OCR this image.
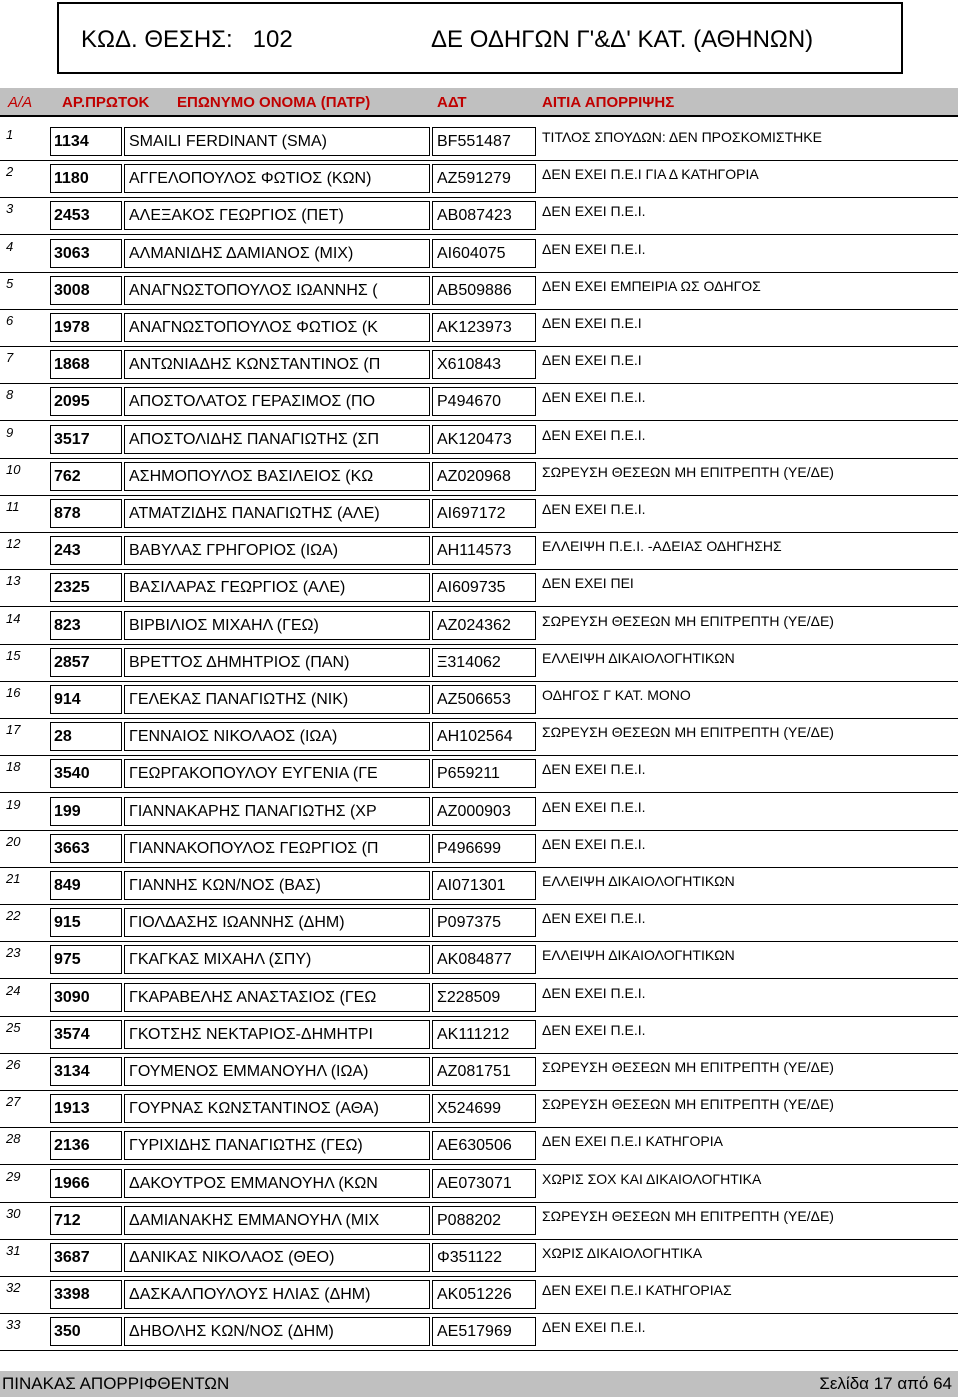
ΚΩΔ. ΘΕΣΗΣ:   102	ΔΕ ΟΔΗΓΩΝ Γ'&Δ' ΚΑΤ. (ΑΘΗΝΩΝ)
Α/Α ΑΡ.ΠΡΩΤΟΚ ΕΠΩΝΥΜΟ ΟΝΟΜΑ (ΠΑΤΡ)	ΑΔΤ	ΑΙΤΙΑ ΑΠΟΡΡΙΨΗΣ
1	1134	SMAILI FERDINANT (SMA)	BF551487	ΤΙΤΛΟΣ ΣΠΟΥΔΩΝ: ΔΕΝ ΠΡΟΣΚΟΜΙΣΤΗΚΕ
2	1180	ΑΓΓΕΛΟΠΟΥΛΟΣ ΦΩΤΙΟΣ (ΚΩΝ)	ΑΖ591279	ΔΕΝ ΕΧΕΙ Π.Ε.Ι ΓΙΑ Δ ΚΑΤΗΓΟΡΙΑ
3	2453	ΑΛΕΞΑΚΟΣ ΓΕΩΡΓΙΟΣ (ΠΕΤ)	ΑΒ087423	ΔΕΝ ΕΧΕΙ Π.Ε.Ι.
4	3063	ΑΛΜΑΝΙΔΗΣ ΔΑΜΙΑΝΟΣ (ΜΙΧ)	ΑΙ604075	ΔΕΝ ΕΧΕΙ Π.Ε.Ι.
5	3008	ΑΝΑΓΝΩΣΤΟΠΟΥΛΟΣ ΙΩΑΝΝΗΣ (	ΑΒ509886	ΔΕΝ ΕΧΕΙ ΕΜΠΕΙΡΙΑ ΩΣ ΟΔΗΓΟΣ
6	1978	ΑΝΑΓΝΩΣΤΟΠΟΥΛΟΣ ΦΩΤΙΟΣ (Κ	ΑΚ123973	ΔΕΝ ΕΧΕΙ Π.Ε.Ι
7	1868	ΑΝΤΩΝΙΑΔΗΣ ΚΩΝΣΤΑΝΤΙΝΟΣ (Π	Χ610843	ΔΕΝ ΕΧΕΙ Π.Ε.Ι
8	2095	ΑΠΟΣΤΟΛΑΤΟΣ ΓΕΡΑΣΙΜΟΣ (ΠΟ	Ρ494670	ΔΕΝ ΕΧΕΙ Π.Ε.Ι.
9	3517	ΑΠΟΣΤΟΛΙΔΗΣ ΠΑΝΑΓΙΩΤΗΣ (ΣΠ	ΑΚ120473	ΔΕΝ ΕΧΕΙ Π.Ε.Ι.
10	762	ΑΣΗΜΟΠΟΥΛΟΣ ΒΑΣΙΛΕΙΟΣ (ΚΩ	ΑΖ020968	ΣΩΡΕΥΣΗ ΘΕΣΕΩΝ ΜΗ ΕΠΙΤΡΕΠΤΗ (ΥΕ/ΔΕ)
11	878	ΑΤΜΑΤΖΙΔΗΣ ΠΑΝΑΓΙΩΤΗΣ (ΑΛΕ)	ΑΙ697172	ΔΕΝ ΕΧΕΙ Π.Ε.Ι.
12	243	ΒΑΒΥΛΑΣ ΓΡΗΓΟΡΙΟΣ (ΙΩΑ)	ΑΗ114573	ΕΛΛΕΙΨΗ Π.Ε.Ι. -ΑΔΕΙΑΣ ΟΔΗΓΗΣΗΣ
13	2325	ΒΑΣΙΛΑΡΑΣ ΓΕΩΡΓΙΟΣ (ΑΛΕ)	ΑΙ609735	ΔΕΝ ΕΧΕΙ ΠΕΙ
14	823	ΒΙΡΒΙΛΙΟΣ ΜΙΧΑΗΛ (ΓΕΩ)	ΑΖ024362	ΣΩΡΕΥΣΗ ΘΕΣΕΩΝ ΜΗ ΕΠΙΤΡΕΠΤΗ (ΥΕ/ΔΕ)
15	2857	ΒΡΕΤΤΟΣ ΔΗΜΗΤΡΙΟΣ (ΠΑΝ)	Ξ314062	ΕΛΛΕΙΨΗ ΔΙΚΑΙΟΛΟΓΗΤΙΚΩΝ
16	914	ΓΕΛΕΚΑΣ ΠΑΝΑΓΙΩΤΗΣ (ΝΙΚ)	ΑΖ506653	ΟΔΗΓΟΣ Γ ΚΑΤ. ΜΟΝΟ
17	28	ΓΕΝΝΑΙΟΣ ΝΙΚΟΛΑΟΣ (ΙΩΑ)	ΑΗ102564	ΣΩΡΕΥΣΗ ΘΕΣΕΩΝ ΜΗ ΕΠΙΤΡΕΠΤΗ (ΥΕ/ΔΕ)
18	3540	ΓΕΩΡΓΑΚΟΠΟΥΛΟΥ ΕΥΓΕΝΙΑ (ΓΕ	Ρ659211	ΔΕΝ ΕΧΕΙ Π.Ε.Ι.
19	199	ΓΙΑΝΝΑΚΑΡΗΣ ΠΑΝΑΓΙΩΤΗΣ (ΧΡ	ΑΖ000903	ΔΕΝ ΕΧΕΙ Π.Ε.Ι.
20	3663	ΓΙΑΝΝΑΚΟΠΟΥΛΟΣ ΓΕΩΡΓΙΟΣ (Π	Ρ496699	ΔΕΝ ΕΧΕΙ Π.Ε.Ι.
21	849	ΓΙΑΝΝΗΣ ΚΩΝ/ΝΟΣ (ΒΑΣ)	ΑΙ071301	ΕΛΛΕΙΨΗ ΔΙΚΑΙΟΛΟΓΗΤΙΚΩΝ
22	915	ΓΙΟΛΔΑΣΗΣ ΙΩΑΝΝΗΣ (ΔΗΜ)	Ρ097375	ΔΕΝ ΕΧΕΙ Π.Ε.Ι.
23	975	ΓΚΑΓΚΑΣ ΜΙΧΑΗΛ (ΣΠΥ)	ΑΚ084877	ΕΛΛΕΙΨΗ ΔΙΚΑΙΟΛΟΓΗΤΙΚΩΝ
24	3090	ΓΚΑΡΑΒΕΛΗΣ ΑΝΑΣΤΑΣΙΟΣ (ΓΕΩ	Σ228509	ΔΕΝ ΕΧΕΙ Π.Ε.Ι.
25	3574	ΓΚΟΤΣΗΣ ΝΕΚΤΑΡΙΟΣ-ΔΗΜΗΤΡΙ	ΑΚ111212	ΔΕΝ ΕΧΕΙ Π.Ε.Ι.
26	3134	ΓΟΥΜΕΝΟΣ ΕΜΜΑΝΟΥΗΛ (ΙΩΑ)	ΑΖ081751	ΣΩΡΕΥΣΗ ΘΕΣΕΩΝ ΜΗ ΕΠΙΤΡΕΠΤΗ (ΥΕ/ΔΕ)
27	1913	ΓΟΥΡΝΑΣ ΚΩΝΣΤΑΝΤΙΝΟΣ (ΑΘΑ)	Χ524699	ΣΩΡΕΥΣΗ ΘΕΣΕΩΝ ΜΗ ΕΠΙΤΡΕΠΤΗ (ΥΕ/ΔΕ)
28	2136	ΓΥΡΙΧΙΔΗΣ ΠΑΝΑΓΙΩΤΗΣ (ΓΕΩ)	ΑΕ630506	ΔΕΝ ΕΧΕΙ Π.Ε.Ι ΚΑΤΗΓΟΡΙΑ
29	1966	ΔΑΚΟΥΤΡΟΣ ΕΜΜΑΝΟΥΗΛ (ΚΩΝ	ΑΕ073071	ΧΩΡΙΣ ΣΟΧ ΚΑΙ ΔΙΚΑΙΟΛΟΓΗΤΙΚΑ
30	712	ΔΑΜΙΑΝΑΚΗΣ ΕΜΜΑΝΟΥΗΛ (ΜΙΧ	Ρ088202	ΣΩΡΕΥΣΗ ΘΕΣΕΩΝ ΜΗ ΕΠΙΤΡΕΠΤΗ (ΥΕ/ΔΕ)
31	3687	ΔΑΝΙΚΑΣ ΝΙΚΟΛΑΟΣ (ΘΕΟ)	Φ351122	ΧΩΡΙΣ ΔΙΚΑΙΟΛΟΓΗΤΙΚΑ
32	3398	ΔΑΣΚΑΛΠΟΥΛΟΥΣ ΗΛΙΑΣ (ΔΗΜ)	ΑΚ051226	ΔΕΝ ΕΧΕΙ Π.Ε.Ι ΚΑΤΗΓΟΡΙΑΣ
33	350	ΔΗΒΟΛΗΣ ΚΩΝ/ΝΟΣ (ΔΗΜ)	ΑΕ517969	ΔΕΝ ΕΧΕΙ Π.Ε.Ι.
ΠΙΝΑΚΑΣ ΑΠΟΡΡΙΦΘΕΝΤΩΝ	Σελίδα 17 από 64
